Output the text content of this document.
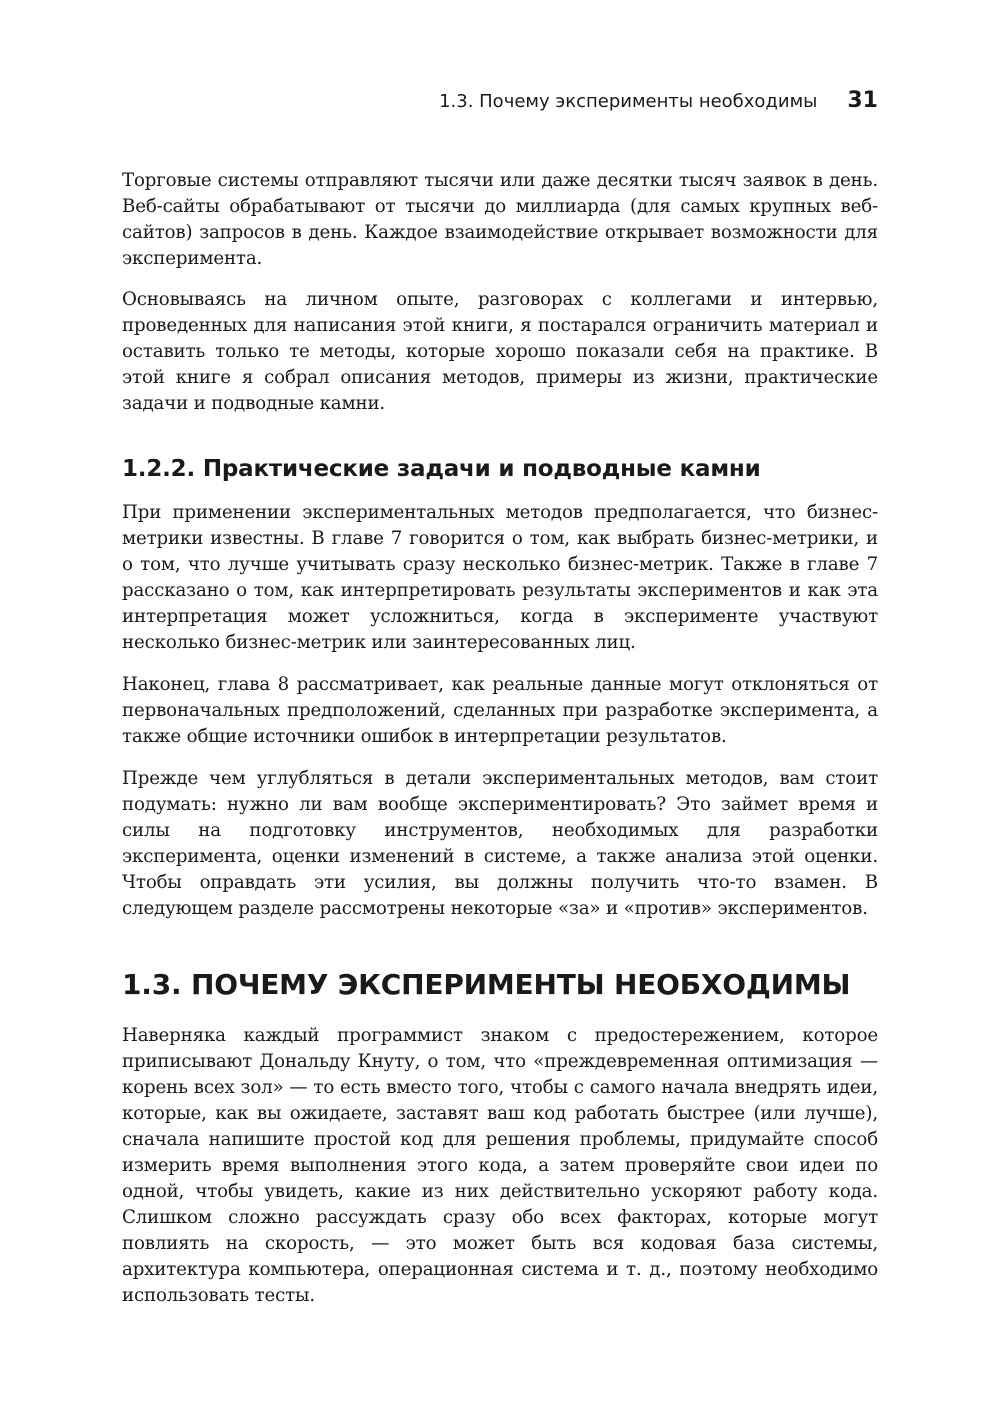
1.3. Почему эксперименты необходимы 31

Торговые системы отправляют тысячи или даже десятки тысяч заявок в день. Веб-сайты обрабатывают от тысячи до миллиарда (для самых крупных веб-сайтов) запросов в день. Каждое взаимодействие открывает возможности для эксперимента.

Основываясь на личном опыте, разговорах с коллегами и интервью, проведенных для написания этой книги, я постарался ограничить материал и оставить только те методы, которые хорошо показали себя на практике. В этой книге я собрал описания методов, примеры из жизни, практические задачи и подводные камни.

1.2.2. Практические задачи и подводные камни

При применении экспериментальных методов предполагается, что бизнес-метрики известны. В главе 7 говорится о том, как выбрать бизнес-метрики, и о том, что лучше учитывать сразу несколько бизнес-метрик. Также в главе 7 рассказано о том, как интерпретировать результаты экспериментов и как эта интерпретация может усложниться, когда в эксперименте участвуют несколько бизнес-метрик или заинтересованных лиц.

Наконец, глава 8 рассматривает, как реальные данные могут отклоняться от первоначальных предположений, сделанных при разработке эксперимента, а также общие источники ошибок в интерпретации результатов.

Прежде чем углубляться в детали экспериментальных методов, вам стоит подумать: нужно ли вам вообще экспериментировать? Это займет время и силы на подготовку инструментов, необходимых для разработки эксперимента, оценки изменений в системе, а также анализа этой оценки. Чтобы оправдать эти усилия, вы должны получить что-то взамен. В следующем разделе рассмотрены некоторые «за» и «против» экспериментов.

1.3. ПОЧЕМУ ЭКСПЕРИМЕНТЫ НЕОБХОДИМЫ

Наверняка каждый программист знаком с предостережением, которое приписывают Дональду Кнуту, о том, что «преждевременная оптимизация — корень всех зол» — то есть вместо того, чтобы с самого начала внедрять идеи, которые, как вы ожидаете, заставят ваш код работать быстрее (или лучше), сначала напишите простой код для решения проблемы, придумайте способ измерить время выполнения этого кода, а затем проверяйте свои идеи по одной, чтобы увидеть, какие из них действительно ускоряют работу кода. Слишком сложно рассуждать сразу обо всех факторах, которые могут повлиять на скорость, — это может быть вся кодовая база системы, архитектура компьютера, операционная система и т. д., поэтому необходимо использовать тесты.
